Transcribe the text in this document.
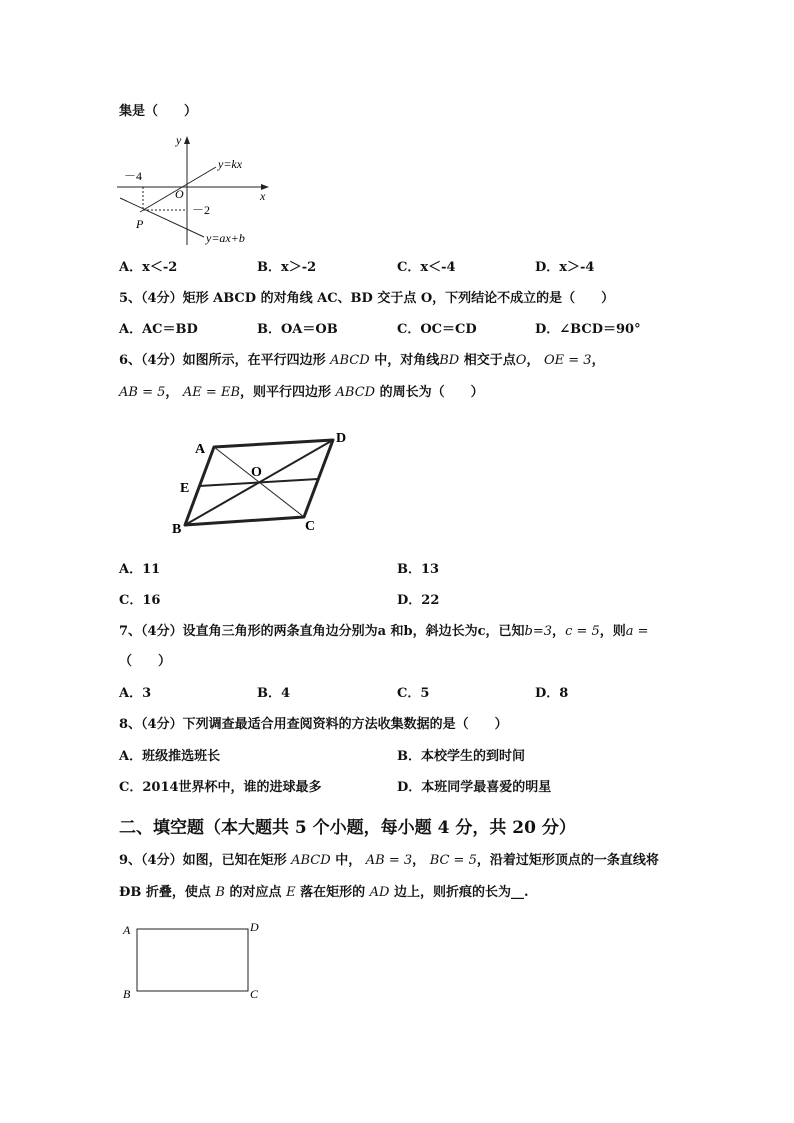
集是（　　）
y
x
y=kx
y=ax+b
－4
－2
O
P
A．x＜-2	B．x＞-2	C．x＜-4	D．x＞-4
5、（4分）矩形 ABCD 的对角线 AC、BD 交于点 O，下列结论不成立的是（　　）
A．AC＝BD	B．OA＝OB	C．OC＝CD	D．∠BCD＝90°
6、（4分）如图所示，在平行四边形 ABCD 中，对角线BD 相交于点O， OE = 3，
AB = 5， AE = EB，则平行四边形 ABCD 的周长为（　　）
A
D
B	C
E
O
A．11	B．13
C．16	D．22
7、（4分）设直角三角形的两条直角边分别为a 和b，斜边长为c，已知b=3，c = 5，则a =
（　　）
A．3	B．4	C．5	D．8
8、（4分）下列调查最适合用查阅资料的方法收集数据的是（　　）
A．班级推选班长	B．本校学生的到时间
C．2014世界杯中，谁的进球最多	D．本班同学最喜爱的明星
二、填空题（本大题共 5 个小题，每小题 4 分，共 20 分）
9、（4分）如图，已知在矩形 ABCD 中， AB = 3， BC = 5，沿着过矩形顶点的一条直线将
ÐB 折叠，使点 B 的对应点 E 落在矩形的 AD 边上，则折痕的长为__.
A	D
B	C
